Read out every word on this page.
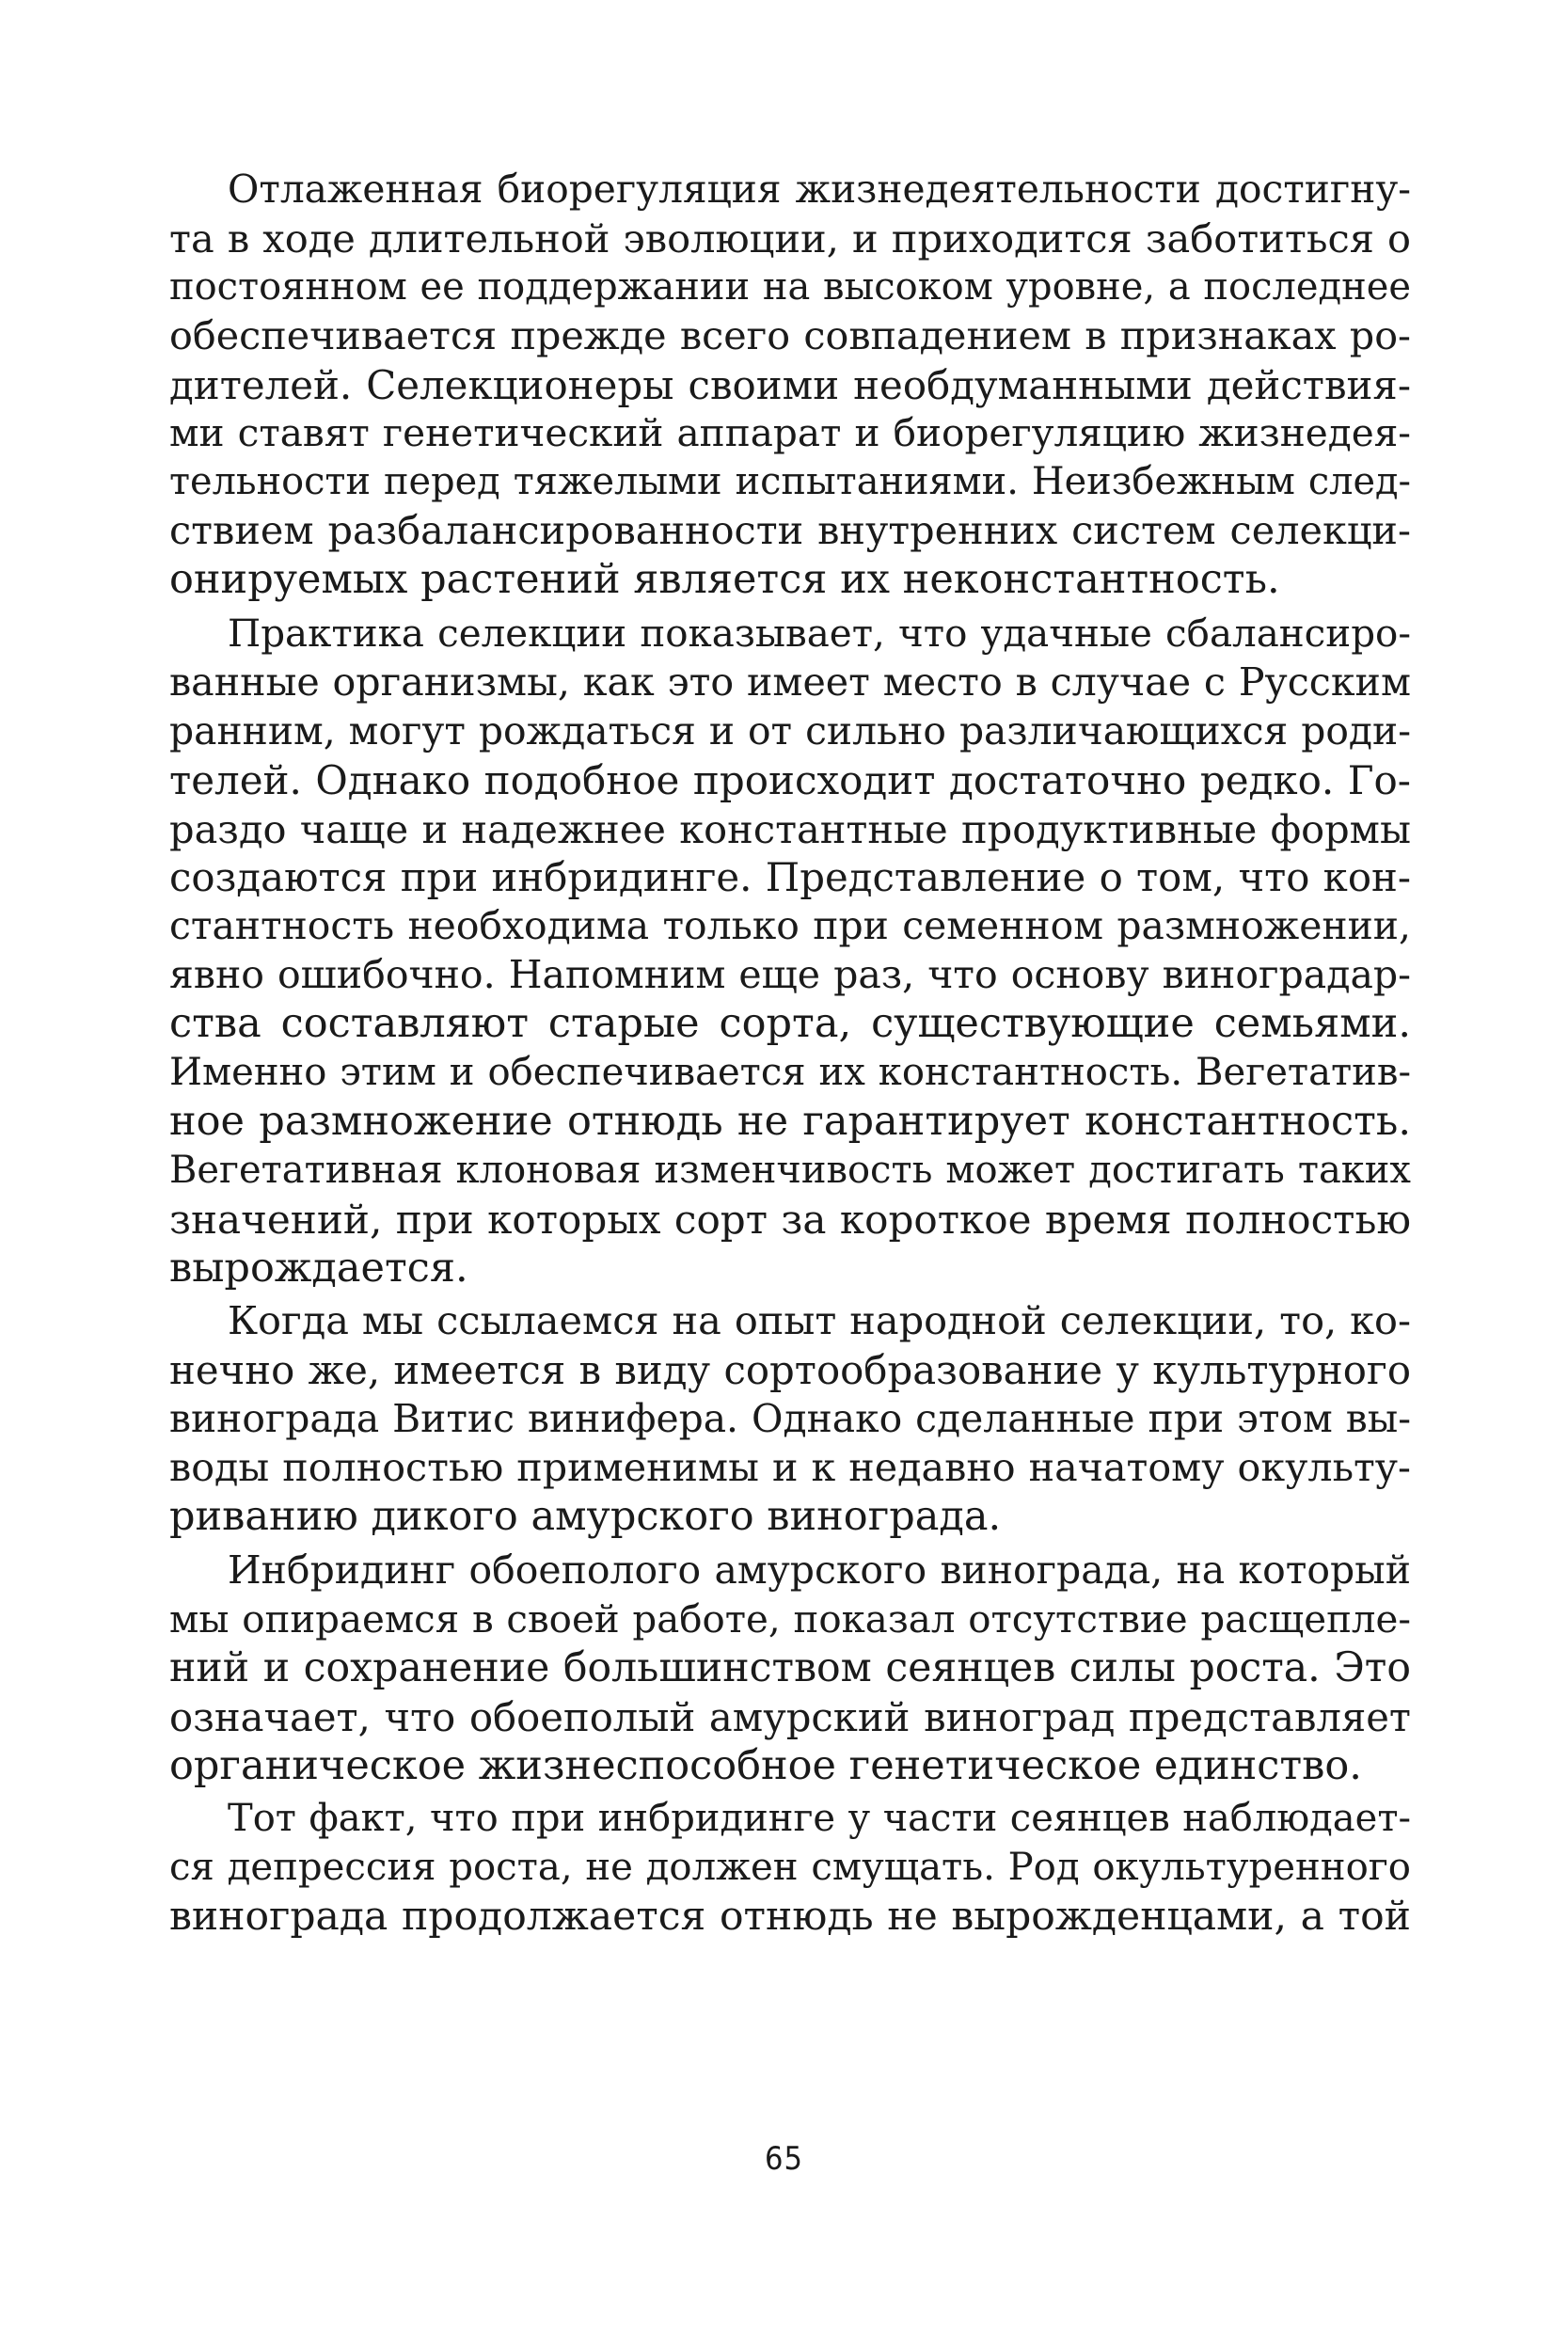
Отлаженная биорегуляция жизнедеятельности достигну-
та в ходе длительной эволюции, и приходится заботиться о
постоянном ее поддержании на высоком уровне, а последнее
обеспечивается прежде всего совпадением в признаках ро-
дителей. Селекционеры своими необдуманными действия-
ми ставят генетический аппарат и биорегуляцию жизнедея-
тельности перед тяжелыми испытаниями. Неизбежным след-
ствием разбалансированности внутренних систем селекци-
онируемых растений является их неконстантность.
Практика селекции показывает, что удачные сбалансиро-
ванные организмы, как это имеет место в случае с Русским
ранним, могут рождаться и от сильно различающихся роди-
телей. Однако подобное происходит достаточно редко. Го-
раздо чаще и надежнее константные продуктивные формы
создаются при инбридинге. Представление о том, что кон-
стантность необходима только при семенном размножении,
явно ошибочно. Напомним еще раз, что основу виноградар-
ства составляют старые сорта, существующие семьями.
Именно этим и обеспечивается их константность. Вегетатив-
ное размножение отнюдь не гарантирует константность.
Вегетативная клоновая изменчивость может достигать таких
значений, при которых сорт за короткое время полностью
вырождается.
Когда мы ссылаемся на опыт народной селекции, то, ко-
нечно же, имеется в виду сортообразование у культурного
винограда Витис винифера. Однако сделанные при этом вы-
воды полностью применимы и к недавно начатому окульту-
риванию дикого амурского винограда.
Инбридинг обоеполого амурского винограда, на который
мы опираемся в своей работе, показал отсутствие расщепле-
ний и сохранение большинством сеянцев силы роста. Это
означает, что обоеполый амурский виноград представляет
органическое жизнеспособное генетическое единство.
Тот факт, что при инбридинге у части сеянцев наблюдает-
ся депрессия роста, не должен смущать. Род окультуренного
винограда продолжается отнюдь не вырожденцами, а той
65
